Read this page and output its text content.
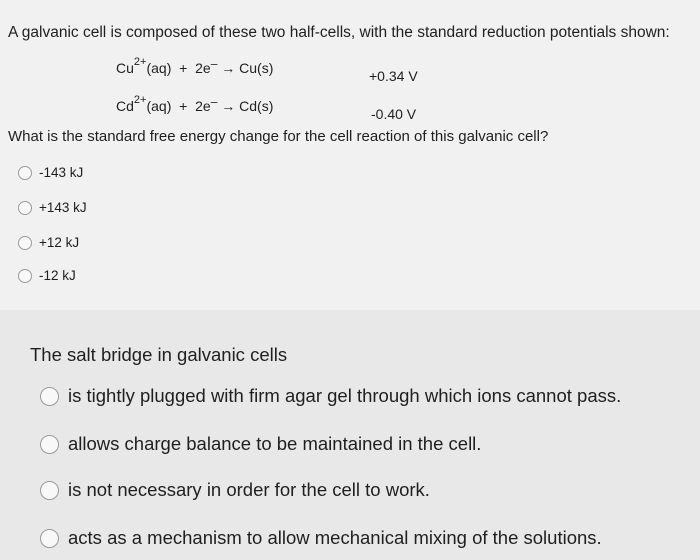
A galvanic cell is composed of these two half-cells, with the standard reduction potentials shown:
$Cu^{2+}(aq) + 2e- \to Cu(s)$
+0.34 V
$Cd^{2+}(aq) + 2e- \to Cd(s)$
-0.40 V
What is the standard free energy change for the cell reaction of this galvanic cell?
-143 kJ
+143 kJ
+12 kJ
-12 kJ
The salt bridge in galvanic cells
is tightly plugged with firm agar gel through which ions cannot pass.
allows charge balance to be maintained in the cell.
is not necessary in order for the cell to work.
acts as a mechanism to allow mechanical mixing of the solutions.
